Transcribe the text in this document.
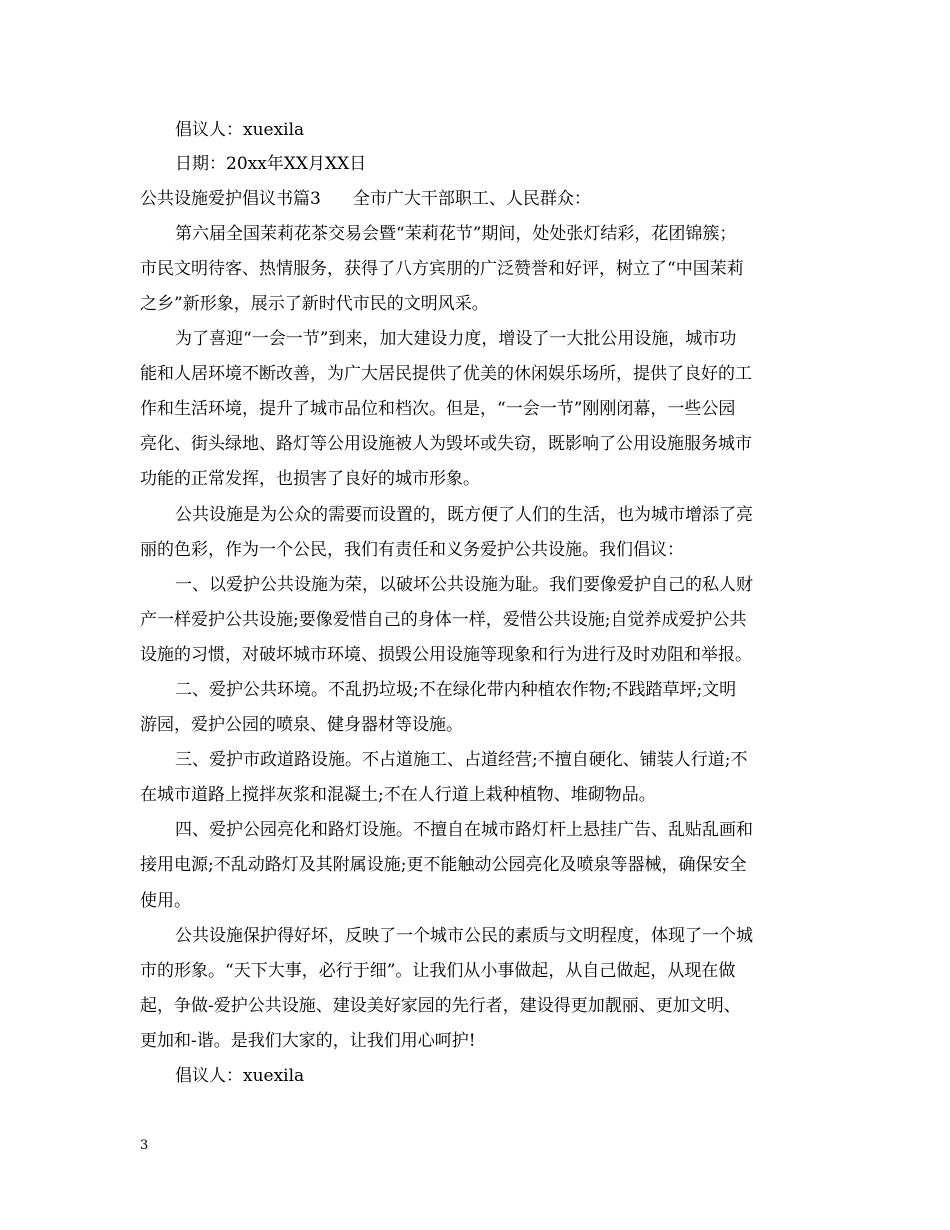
倡议人：xuexila
日期：20xx年XX月XX日
公共设施爱护倡议书篇3 全市广大干部职工、人民群众：
第六届全国茉莉花茶交易会暨“茉莉花节”期间，处处张灯结彩，花团锦簇；
市民文明待客、热情服务，获得了八方宾朋的广泛赞誉和好评，树立了“中国茉莉
之乡”新形象，展示了新时代市民的文明风采。
为了喜迎“一会一节”到来，加大建设力度，增设了一大批公用设施，城市功
能和人居环境不断改善，为广大居民提供了优美的休闲娱乐场所，提供了良好的工
作和生活环境，提升了城市品位和档次。但是，“一会一节”刚刚闭幕，一些公园
亮化、街头绿地、路灯等公用设施被人为毁坏或失窃，既影响了公用设施服务城市
功能的正常发挥，也损害了良好的城市形象。
公共设施是为公众的需要而设置的，既方便了人们的生活，也为城市增添了亮
丽的色彩，作为一个公民，我们有责任和义务爱护公共设施。我们倡议：
一、以爱护公共设施为荣，以破坏公共设施为耻。我们要像爱护自己的私人财
产一样爱护公共设施;要像爱惜自己的身体一样，爱惜公共设施;自觉养成爱护公共
设施的习惯，对破坏城市环境、损毁公用设施等现象和行为进行及时劝阻和举报。
二、爱护公共环境。不乱扔垃圾;不在绿化带内种植农作物;不践踏草坪;文明
游园，爱护公园的喷泉、健身器材等设施。
三、爱护市政道路设施。不占道施工、占道经营;不擅自硬化、铺装人行道;不
在城市道路上搅拌灰浆和混凝土;不在人行道上栽种植物、堆砌物品。
四、爱护公园亮化和路灯设施。不擅自在城市路灯杆上悬挂广告、乱贴乱画和
接用电源;不乱动路灯及其附属设施;更不能触动公园亮化及喷泉等器械，确保安全
使用。
公共设施保护得好坏，反映了一个城市公民的素质与文明程度，体现了一个城
市的形象。“天下大事，必行于细”。让我们从小事做起，从自己做起，从现在做
起，争做-爱护公共设施、建设美好家园的先行者，建设得更加靓丽、更加文明、
更加和-谐。是我们大家的，让我们用心呵护!
倡议人：xuexila
3
